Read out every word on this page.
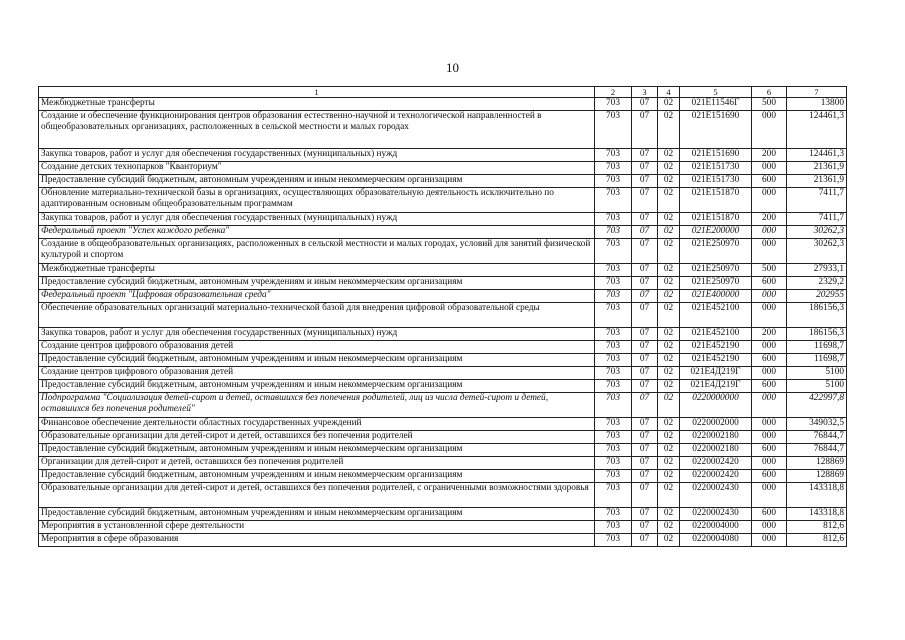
10
1	2	3	4	5	6	7
Межбюджетные трансферты	703	07	02	021E11546Г	500	13800
Создание и обеспечение функционирования центров образования естественно-научной и технологической направленностей в общеобразовательных организациях, расположенных в сельской местности и малых городах	703	07	02	021E151690	000	124461,3
Закупка товаров, работ и услуг для обеспечения государственных (муниципальных) нужд	703	07	02	021E151690	200	124461,3
Создание детских технопарков "Кванториум"	703	07	02	021E151730	000	21361,9
Предоставление субсидий бюджетным, автономным учреждениям и иным некоммерческим организациям	703	07	02	021E151730	600	21361,9
Обновление материально-технической базы в организациях, осуществляющих образовательную деятельность исключительно по адаптированным основным общеобразовательным программам	703	07	02	021E151870	000	7411,7
Закупка товаров, работ и услуг для обеспечения государственных (муниципальных) нужд	703	07	02	021E151870	200	7411,7
Федеральный проект "Успех каждого ребенка"	703	07	02	021E200000	000	30262,3
Создание в общеобразовательных организациях, расположенных в сельской местности и малых городах, условий для занятий физической культурой и спортом	703	07	02	021E250970	000	30262,3
Межбюджетные трансферты	703	07	02	021E250970	500	27933,1
Предоставление субсидий бюджетным, автономным учреждениям и иным некоммерческим организациям	703	07	02	021E250970	600	2329,2
Федеральный проект "Цифровая образовательная среда"	703	07	02	021E400000	000	202955
Обеспечение образовательных организаций материально-технической базой для внедрения цифровой образовательной среды	703	07	02	021E452100	000	186156,3
Закупка товаров, работ и услуг для обеспечения государственных (муниципальных) нужд	703	07	02	021E452100	200	186156,3
Создание центров цифрового образования детей	703	07	02	021E452190	000	11698,7
Предоставление субсидий бюджетным, автономным учреждениям и иным некоммерческим организациям	703	07	02	021E452190	600	11698,7
Создание центров цифрового образования детей	703	07	02	021E4Д219Г	000	5100
Предоставление субсидий бюджетным, автономным учреждениям и иным некоммерческим организациям	703	07	02	021E4Д219Г	600	5100
Подпрограмма "Социализация детей-сирот и детей, оставшихся без попечения родителей, лиц из числа детей-сирот и детей, оставшихся без попечения родителей"	703	07	02	0220000000	000	422997,8
Финансовое обеспечение деятельности областных государственных учреждений	703	07	02	0220002000	000	349032,5
Образовательные организации для детей-сирот и детей, оставшихся без попечения родителей	703	07	02	0220002180	000	76844,7
Предоставление субсидий бюджетным, автономным учреждениям и иным некоммерческим организациям	703	07	02	0220002180	600	76844,7
Организации для детей-сирот и детей, оставшихся без попечения родителей	703	07	02	0220002420	000	128869
Предоставление субсидий бюджетным, автономным учреждениям и иным некоммерческим организациям	703	07	02	0220002420	600	128869
Образовательные организации для детей-сирот и детей, оставшихся без попечения родителей, с ограниченными возможностями здоровья	703	07	02	0220002430	000	143318,8
Предоставление субсидий бюджетным, автономным учреждениям и иным некоммерческим организациям	703	07	02	0220002430	600	143318,8
Мероприятия в установленной сфере деятельности	703	07	02	0220004000	000	812,6
Мероприятия в сфере образования	703	07	02	0220004080	000	812,6
